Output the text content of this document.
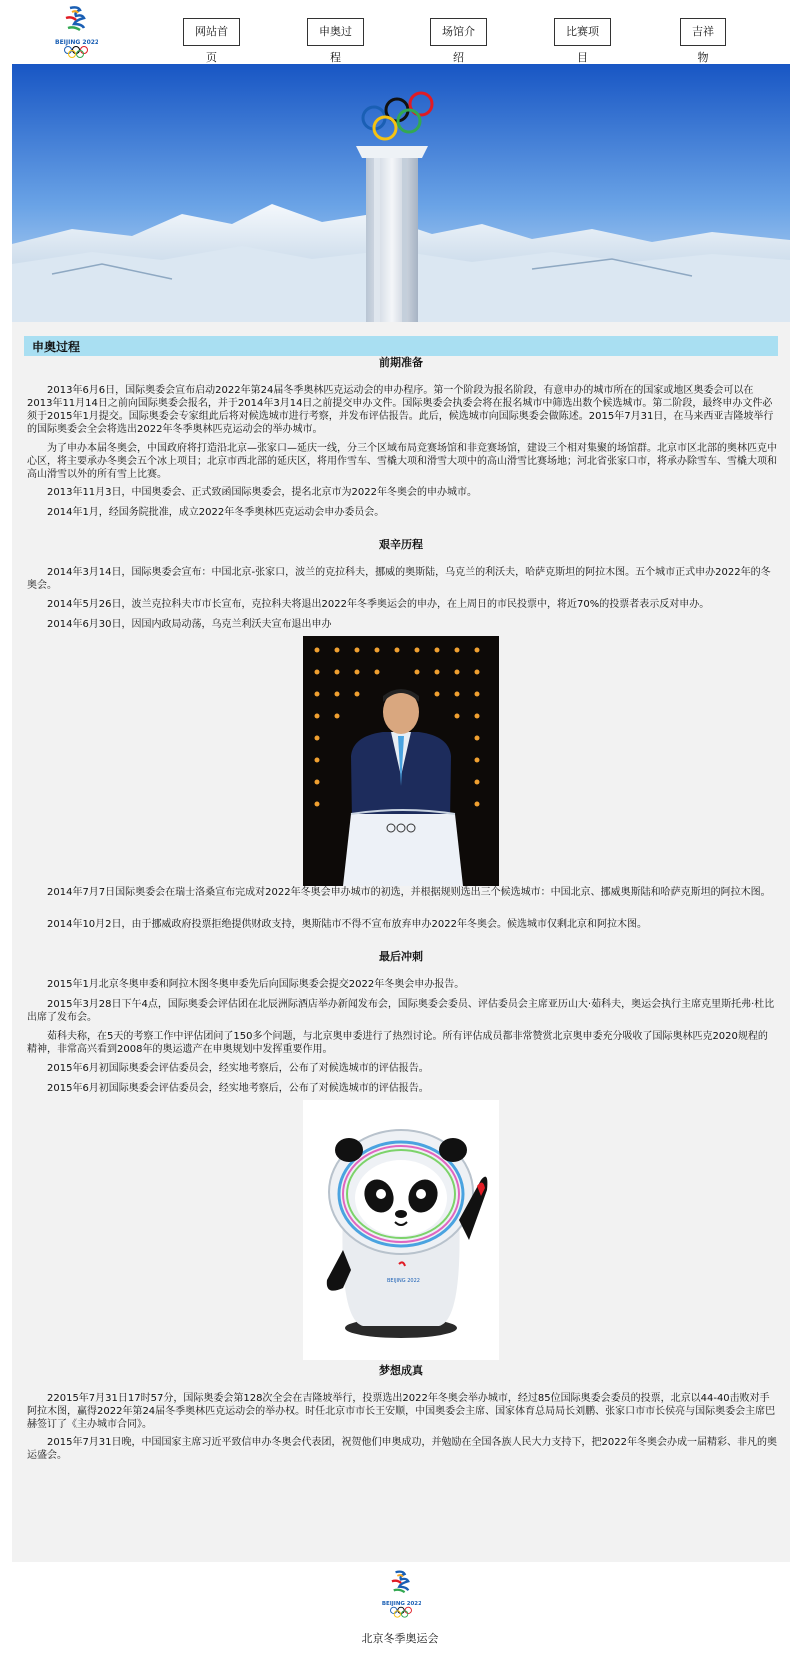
BEIJING 2022
网站首页
申奥过程
场馆介绍
比赛项目
吉祥物
申奥过程
前期准备
2013年6月6日，国际奥委会宣布启动2022年第24届冬季奥林匹克运动会的申办程序。第一个阶段为报名阶段，有意申办的城市所在的国家或地区奥委会可以在2013年11月14日之前向国际奥委会报名，并于2014年3月14日之前提交申办文件。国际奥委会执委会将在报名城市中筛选出数个候选城市。第二阶段，最终申办文件必须于2015年1月提交。国际奥委会专家组此后将对候选城市进行考察，并发布评估报告。此后，候选城市向国际奥委会做陈述。2015年7月31日，在马来西亚吉隆坡举行的国际奥委会全会将选出2022年冬季奥林匹克运动会的举办城市。
为了申办本届冬奥会，中国政府将打造沿北京—张家口—延庆一线，分三个区域布局竞赛场馆和非竞赛场馆，建设三个相对集聚的场馆群。北京市区北部的奥林匹克中心区，将主要承办冬奥会五个冰上项目；北京市西北部的延庆区，将用作雪车、雪橇大项和滑雪大项中的高山滑雪比赛场地；河北省张家口市，将承办除雪车、雪橇大项和高山滑雪以外的所有雪上比赛。
2013年11月3日，中国奥委会、正式致函国际奥委会，提名北京市为2022年冬奥会的申办城市。
2014年1月，经国务院批准，成立2022年冬季奥林匹克运动会申办委员会。
艰辛历程
2014年3月14日，国际奥委会宣布：中国北京-张家口，波兰的克拉科夫，挪威的奥斯陆，乌克兰的利沃夫，哈萨克斯坦的阿拉木图。五个城市正式申办2022年的冬奥会。
2014年5月26日，波兰克拉科夫市市长宣布，克拉科夫将退出2022年冬季奥运会的申办，在上周日的市民投票中，将近70%的投票者表示反对申办。
2014年6月30日，因国内政局动荡，乌克兰利沃夫宣布退出申办
2014年7月7日国际奥委会在瑞士洛桑宣布完成对2022年冬奥会申办城市的初选，并根据规则选出三个候选城市：中国北京、挪威奥斯陆和哈萨克斯坦的阿拉木图。
2014年10月2日，由于挪威政府投票拒绝提供财政支持，奥斯陆市不得不宣布放弃申办2022年冬奥会。候选城市仅剩北京和阿拉木图。
最后冲刺
2015年1月北京冬奥申委和阿拉木图冬奥申委先后向国际奥委会提交2022年冬奥会申办报告。
2015年3月28日下午4点，国际奥委会评估团在北辰洲际酒店举办新闻发布会，国际奥委会委员、评估委员会主席亚历山大·茹科夫，奥运会执行主席克里斯托弗·杜比出席了发布会。
茹科夫称，在5天的考察工作中评估团问了150多个问题，与北京奥申委进行了热烈讨论。所有评估成员都非常赞赏北京奥申委充分吸收了国际奥林匹克2020规程的精神，非常高兴看到2008年的奥运遗产在申奥规划中发挥重要作用。
2015年6月初国际奥委会评估委员会，经实地考察后，公布了对候选城市的评估报告。
2015年6月初国际奥委会评估委员会，经实地考察后，公布了对候选城市的评估报告。
BEIJING 2022
梦想成真
22015年7月31日17时57分，国际奥委会第128次全会在吉隆坡举行，投票选出2022年冬奥会举办城市，经过85位国际奥委会委员的投票，北京以44-40击败对手阿拉木图，赢得2022年第24届冬季奥林匹克运动会的举办权。时任北京市市长王安顺，中国奥委会主席、国家体育总局局长刘鹏、张家口市市长侯亮与国际奥委会主席巴赫签订了《主办城市合同》。
2015年7月31日晚，中国国家主席习近平致信申办冬奥会代表团，祝贺他们申奥成功，并勉励在全国各族人民大力支持下，把2022年冬奥会办成一届精彩、非凡的奥运盛会。
BEIJING 2022
北京冬季奥运会
